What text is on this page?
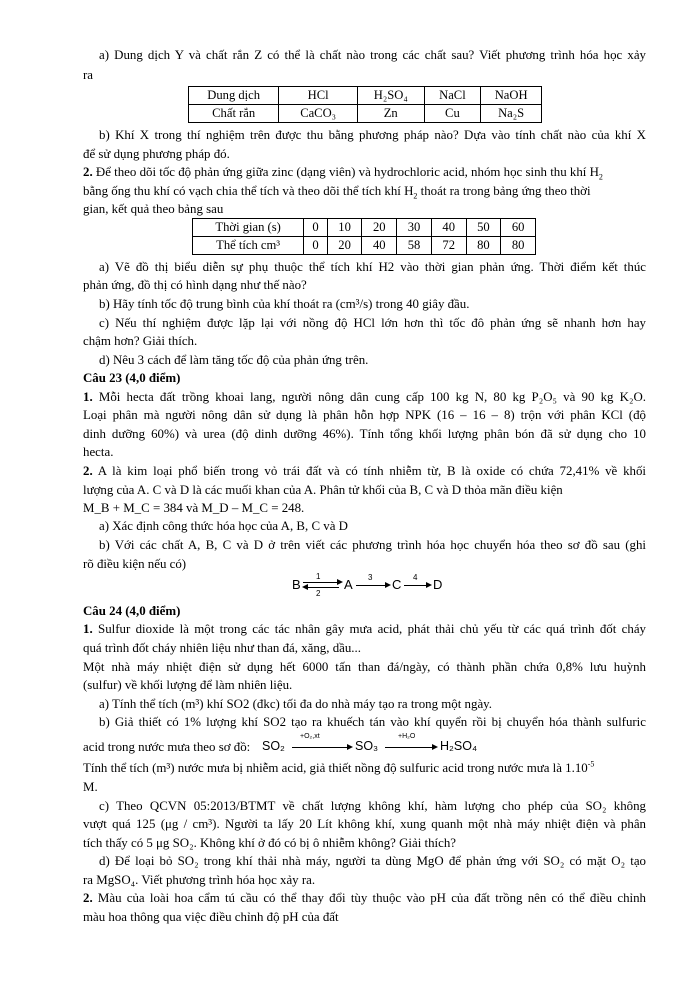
a) Dung dịch Y và chất rắn Z có thể là chất nào trong các chất sau? Viết phương trình hóa học xảy
ra
Dung dịch	HCl	H₂SO₄	NaCl	NaOH
Chất rắn	CaCO₃	Zn	Cu	Na₂S
b) Khí X trong thí nghiệm trên được thu bằng phương pháp nào? Dựa vào tính chất nào của khí X
để sử dụng phương pháp đó.
2. Để theo dõi tốc độ phản ứng giữa zinc (dạng viên) và hydrochloric acid, nhóm học sinh thu khí $H_2$
bằng ống thu khí có vạch chia thể tích và theo dõi thể tích khí $H_2$ thoát ra trong bảng ứng theo thời
gian, kết quả theo bảng sau
Thời gian (s)	0	10	20	30	40	50	60
Thể tích cm³	0	20	40	58	72	80	80
a) Vẽ đồ thị biểu diễn sự phụ thuộc thể tích khí H2 vào thời gian phản ứng. Thời điểm kết thúc
phản ứng, đồ thị có hình dạng như thế nào?
b) Hãy tính tốc độ trung bình của khí thoát ra (cm³/s) trong 40 giây đầu.
c) Nếu thí nghiệm được lặp lại với nồng độ HCl lớn hơn thì tốc đô phản ứng sẽ nhanh hơn hay
chậm hơn? Giải thích.
d) Nêu 3 cách để làm tăng tốc độ của phản ứng trên.
Câu 23 (4,0 điểm)
1. Mỗi hecta đất trồng khoai lang, người nông dân cung cấp 100 kg N, 80 kg P₂O₅ và 90 kg K₂O.
Loại phân mà người nông dân sử dụng là phân hỗn hợp NPK (16 – 16 – 8) trộn với phân KCl (độ
dinh dưỡng 60%) và urea (độ dinh dưỡng 46%). Tính tổng khối lượng phân bón đã sử dụng cho 10
hecta.
2. A là kim loại phổ biến trong vỏ trái đất và có tính nhiễm từ, B là oxide có chứa 72,41% về khối
lượng của A. C và D là các muối khan của A. Phân tử khối của B, C và D thỏa mãn điều kiện
M_B + M_C = 384 và M_D – M_C = 248.
a) Xác định công thức hóa học của A, B, C và D
b) Với các chất A, B, C và D ở trên viết các phương trình hóa học chuyển hóa theo sơ đồ sau (ghi
rõ điều kiện nếu có)
B
1
2
A 3 C 4 D
Câu 24 (4,0 điểm)
1. Sulfur dioxide là một trong các tác nhân gây mưa acid, phát thải chủ yếu từ các quá trình đốt cháy
quá trình đốt cháy nhiên liệu như than đá, xăng, dầu...
Một nhà máy nhiệt điện sử dụng hết 6000 tấn than đá/ngày, có thành phần chứa 0,8% lưu huỳnh
(sulfur) về khối lượng để làm nhiên liệu.
a) Tính thể tích (m³) khí SO2 (đkc) tối đa do nhà máy tạo ra trong một ngày.
b) Giả thiết có 1% lượng khí SO2 tạo ra khuếch tán vào khí quyển rồi bị chuyển hóa thành sulfuric
acid trong nước mưa theo sơ đồ: SO₂
+O₂,xt
SO₃
+H₂O
H₂SO₄
Tính thể tích (m³) nước mưa bị nhiễm acid, giả thiết nồng độ sulfuric acid trong nước mưa là $1.10^{-5}$
M.
c) Theo QCVN 05:2013/BTMT về chất lượng không khí, hàm lượng cho phép của SO₂ không
vượt quá 125 (μg / cm³). Người ta lấy 20 Lít không khí, xung quanh một nhà máy nhiệt điện và phân
tích thấy có 5 μg SO₂. Không khí ở đó có bị ô nhiễm không? Giải thích?
d) Để loại bỏ SO₂ trong khí thải nhà máy, người ta dùng MgO để phản ứng với SO₂ có mặt O₂ tạo
ra MgSO₄. Viết phương trình hóa học xảy ra.
2. Màu của loài hoa cẩm tú cầu có thể thay đổi tùy thuộc vào pH của đất trồng nên có thể điều chỉnh
màu hoa thông qua việc điều chỉnh độ pH của đất
